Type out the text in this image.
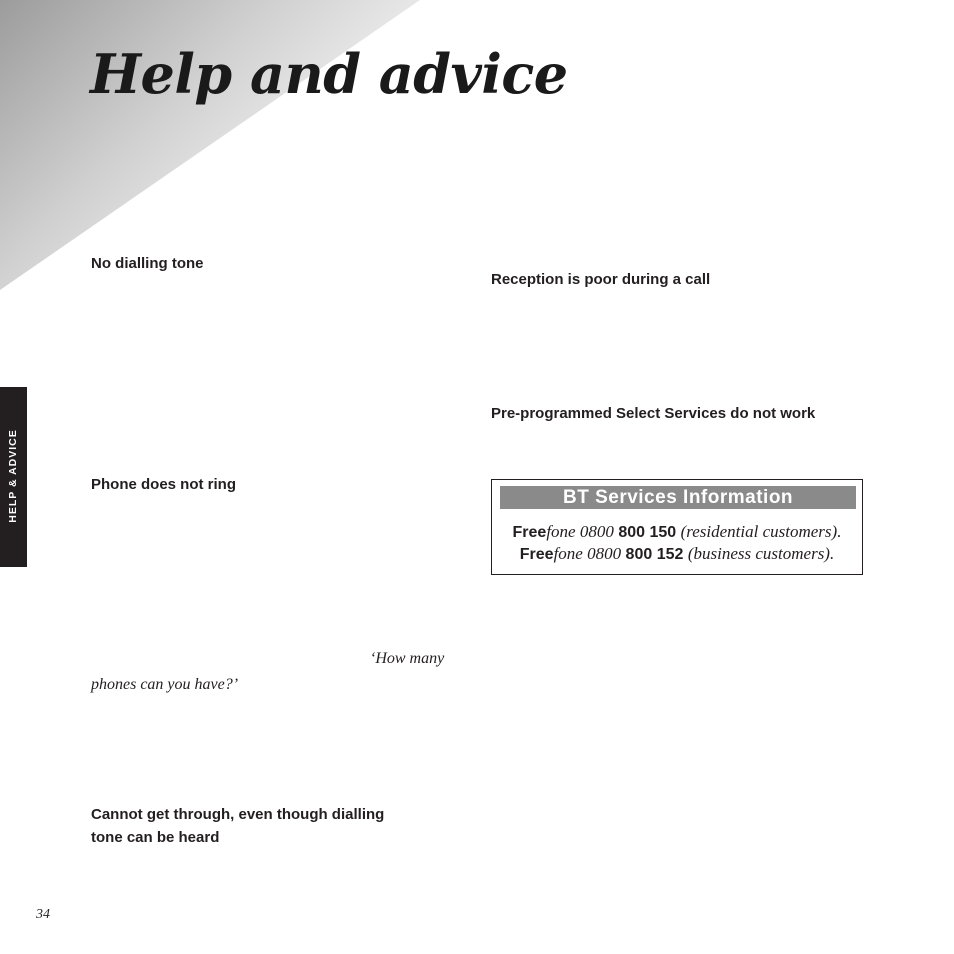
Help and advice
HELP & ADVICE
No dialling tone
Phone does not ring
‘How many
phones can you have?’
Cannot get through, even though dialling
tone can be heard
Reception is poor during a call
Pre-programmed Select Services do not work
BT Services Information
Freefone 0800 800 150 (residential customers).
Freefone 0800 800 152 (business customers).
34
